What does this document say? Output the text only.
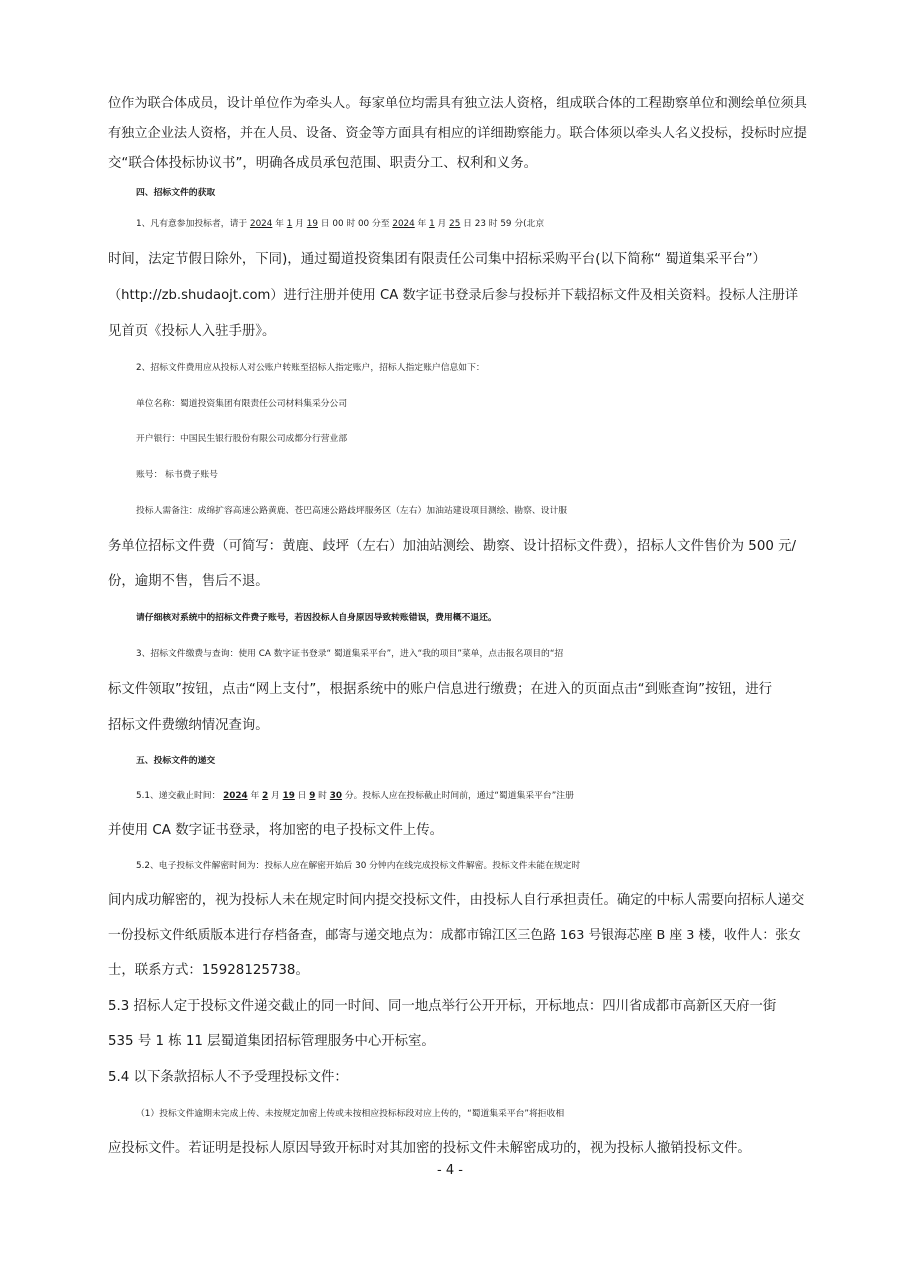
位作为联合体成员，设计单位作为牵头人。每家单位均需具有独立法人资格，组成联合体的工程勘察单位和测绘单位须具
有独立企业法人资格，并在人员、设备、资金等方面具有相应的详细勘察能力。联合体须以牵头人名义投标，投标时应提
交“联合体投标协议书”，明确各成员承包范围、职责分工、权利和义务。
四、招标文件的获取
1、凡有意参加投标者，请于 2024 年 1 月 19 日 00 时 00 分至 2024 年 1 月 25 日 23 时 59 分(北京
时间，法定节假日除外，下同)，通过蜀道投资集团有限责任公司集中招标采购平台(以下简称“ 蜀道集采平台”）
（http://zb.shudaojt.com）进行注册并使用 CA 数字证书登录后参与投标并下载招标文件及相关资料。投标人注册详
见首页《投标人入驻手册》。
2、招标文件费用应从投标人对公账户转账至招标人指定账户，招标人指定账户信息如下：
单位名称：蜀道投资集团有限责任公司材料集采分公司
开户银行：中国民生银行股份有限公司成都分行营业部
账号： 标书费子账号
投标人需备注：成绵扩容高速公路黄鹿、苍巴高速公路歧坪服务区（左右）加油站建设项目测绘、勘察、设计服
务单位招标文件费（可简写：黄鹿、歧坪（左右）加油站测绘、勘察、设计招标文件费），招标人文件售价为 500 元/
份，逾期不售，售后不退。
请仔细核对系统中的招标文件费子账号，若因投标人自身原因导致转账错误，费用概不退还。
3、招标文件缴费与查询：使用 CA 数字证书登录“ 蜀道集采平台”，进入“我的项目”菜单，点击报名项目的“招
标文件领取”按钮，点击“网上支付”，根据系统中的账户信息进行缴费；在进入的页面点击“到账查询”按钮，进行
招标文件费缴纳情况查询。
五、投标文件的递交
5.1、递交截止时间： 2024 年 2 月 19 日 9 时 30 分。投标人应在投标截止时间前，通过“蜀道集采平台”注册
并使用 CA 数字证书登录，将加密的电子投标文件上传。
5.2、电子投标文件解密时间为：投标人应在解密开始后 30 分钟内在线完成投标文件解密。投标文件未能在规定时
间内成功解密的，视为投标人未在规定时间内提交投标文件，由投标人自行承担责任。确定的中标人需要向招标人递交
一份投标文件纸质版本进行存档备查，邮寄与递交地点为：成都市锦江区三色路 163 号银海芯座 B 座 3 楼，收件人：张女
士，联系方式：15928125738。
5.3 招标人定于投标文件递交截止的同一时间、同一地点举行公开开标，开标地点：四川省成都市高新区天府一街
535 号 1 栋 11 层蜀道集团招标管理服务中心开标室。
5.4 以下条款招标人不予受理投标文件：
（1）投标文件逾期未完成上传、未按规定加密上传或未按相应投标标段对应上传的，“蜀道集采平台”将拒收相
应投标文件。若证明是投标人原因导致开标时对其加密的投标文件未解密成功的，视为投标人撤销投标文件。
- 4 -
